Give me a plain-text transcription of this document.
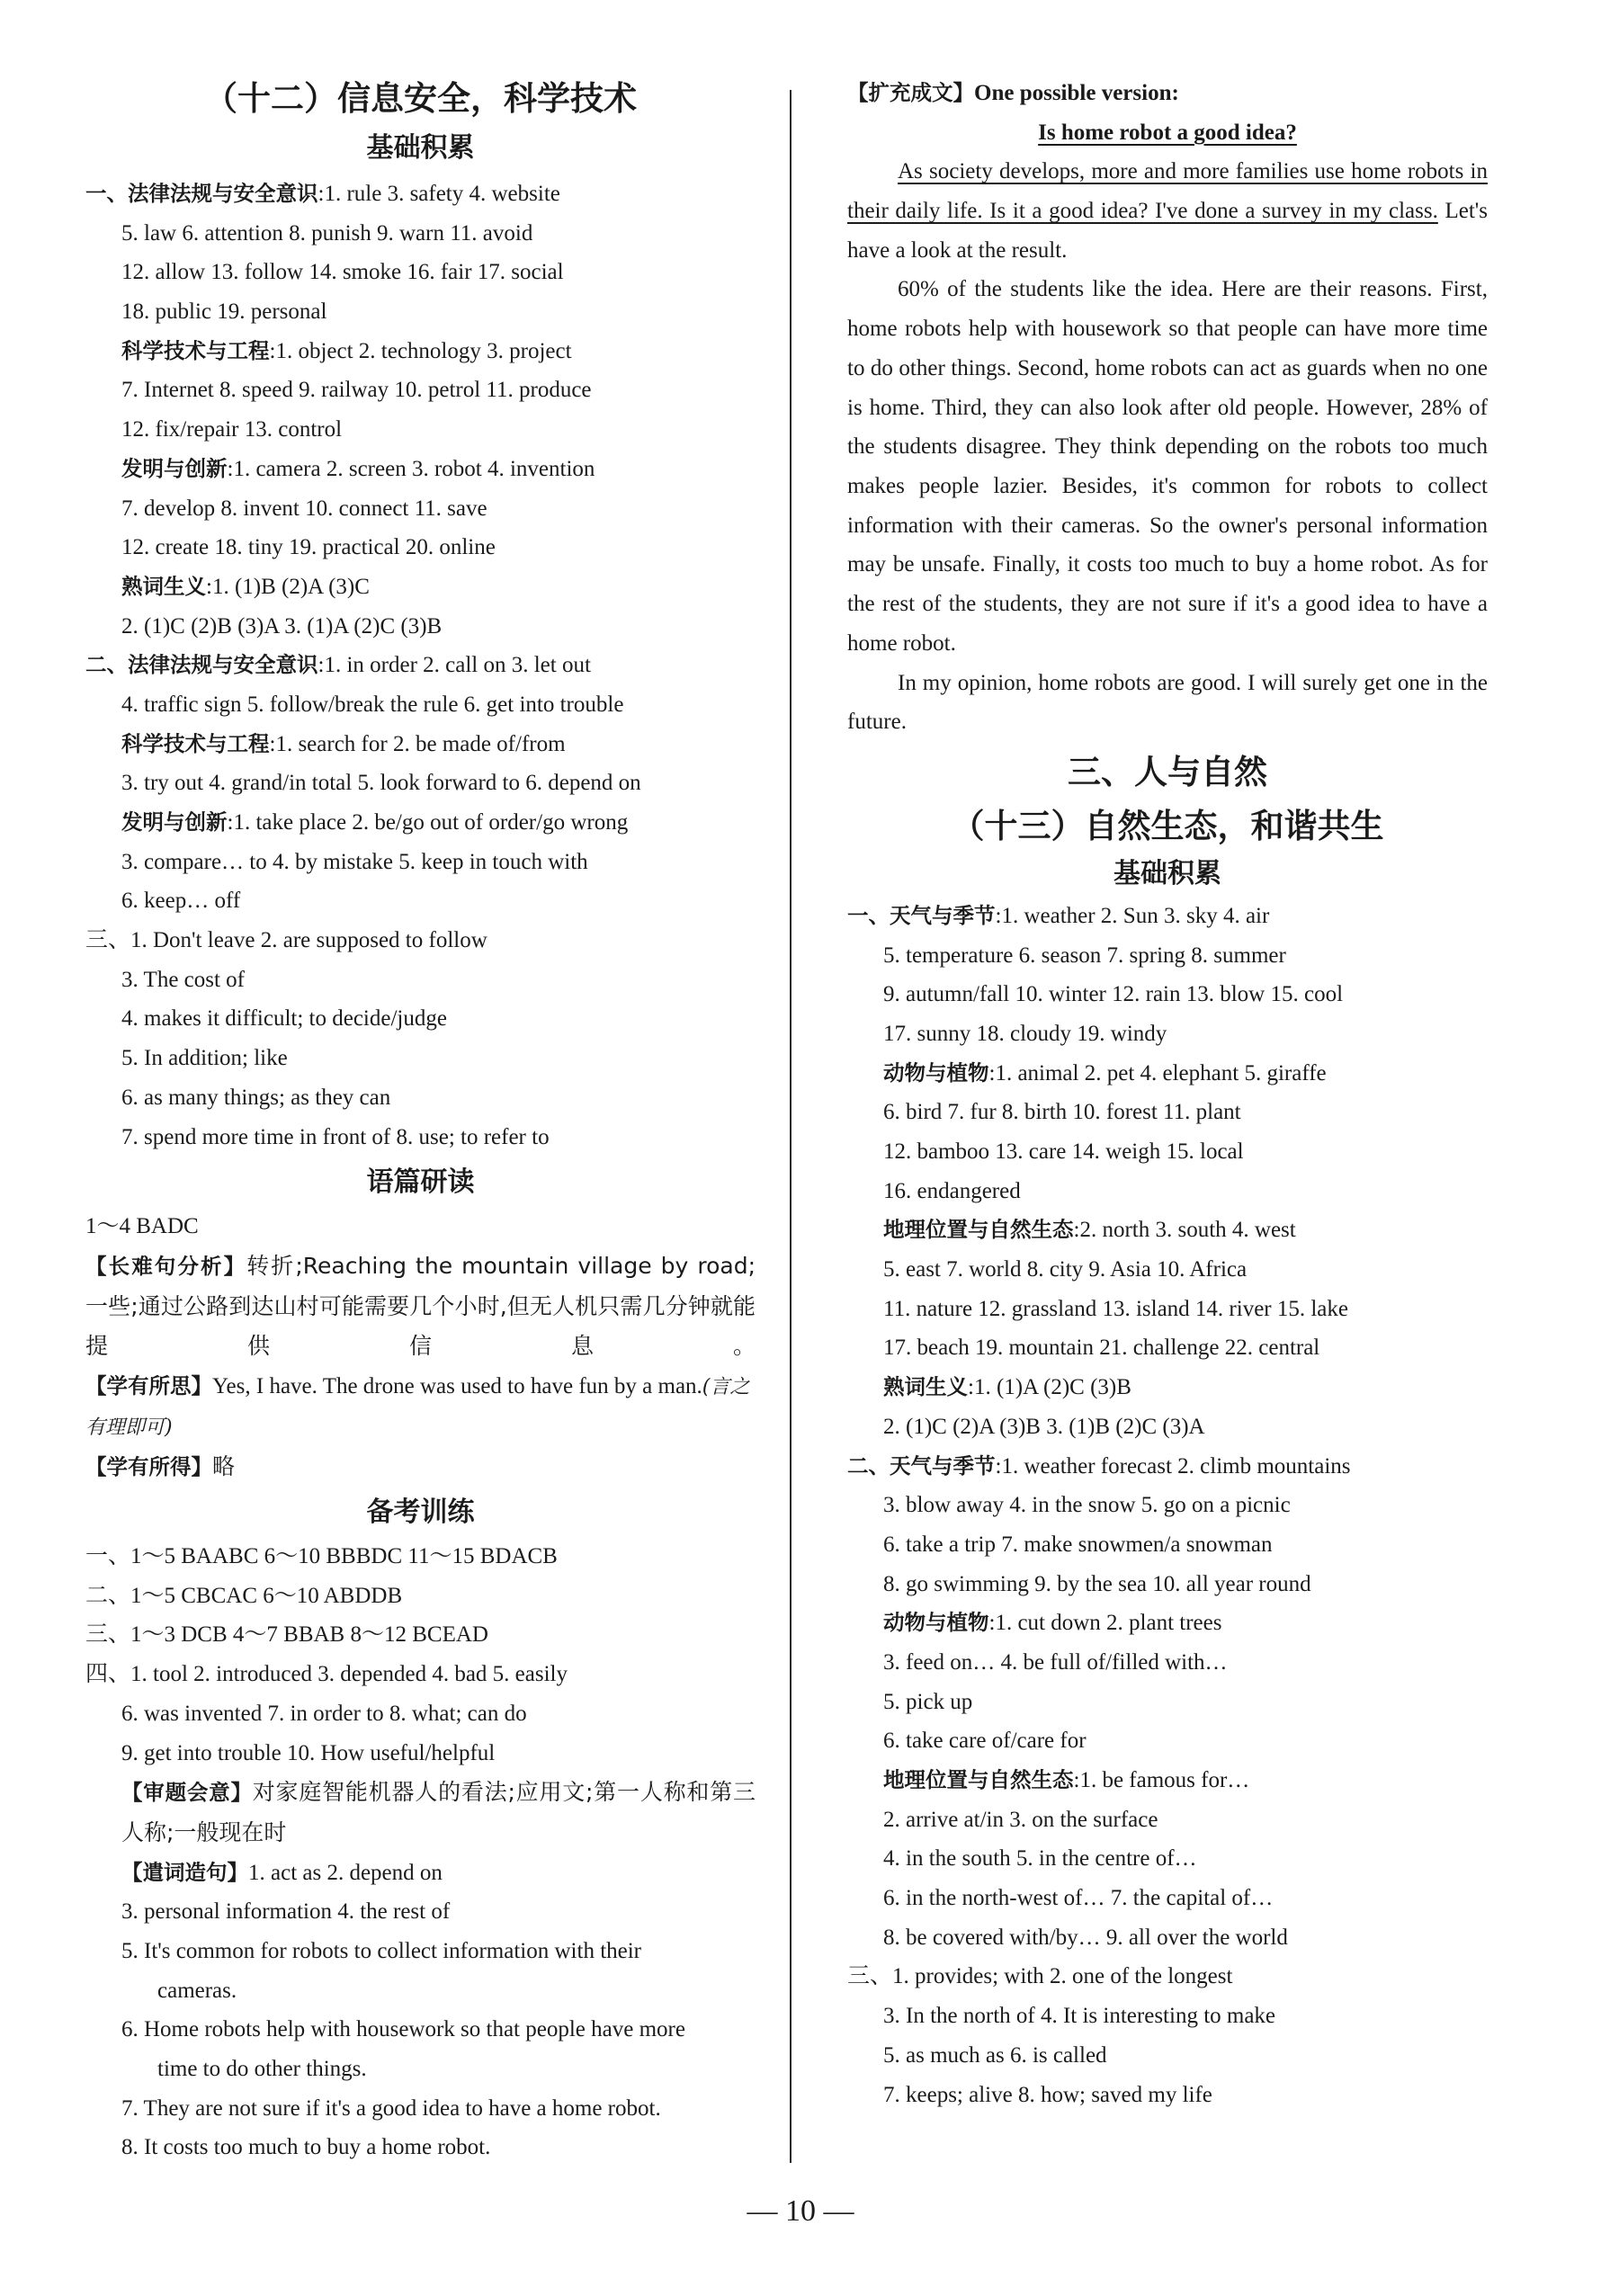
（十二）信息安全，科学技术
基础积累
一、法律法规与安全意识:1. rule 3. safety 4. website
5. law 6. attention 8. punish 9. warn 11. avoid
12. allow 13. follow 14. smoke 16. fair 17. social
18. public 19. personal
科学技术与工程:1. object 2. technology 3. project
7. Internet 8. speed 9. railway 10. petrol 11. produce
12. fix/repair 13. control
发明与创新:1. camera 2. screen 3. robot 4. invention
7. develop 8. invent 10. connect 11. save
12. create 18. tiny 19. practical 20. online
熟词生义:1. (1)B (2)A (3)C
2. (1)C (2)B (3)A 3. (1)A (2)C (3)B
二、法律法规与安全意识:1. in order 2. call on 3. let out
4. traffic sign 5. follow/break the rule 6. get into trouble
科学技术与工程:1. search for 2. be made of/from
3. try out 4. grand/in total 5. look forward to 6. depend on
发明与创新:1. take place 2. be/go out of order/go wrong
3. compare… to 4. by mistake 5. keep in touch with
6. keep… off
三、1. Don't leave 2. are supposed to follow
3. The cost of
4. makes it difficult; to decide/judge
5. In addition; like
6. as many things; as they can
7. spend more time in front of 8. use; to refer to
语篇研读
1～4 BADC
【长难句分析】转折;Reaching the mountain village by road; 一些;通过公路到达山村可能需要几个小时,但无人机只需几分钟就能提供信息。
【学有所思】Yes, I have. The drone was used to have fun by a man.(言之有理即可)
【学有所得】略
备考训练
一、1～5 BAABC 6～10 BBBDC 11～15 BDACB
二、1～5 CBCAC 6～10 ABDDB
三、1～3 DCB 4～7 BBAB 8～12 BCEAD
四、1. tool 2. introduced 3. depended 4. bad 5. easily
6. was invented 7. in order to 8. what; can do
9. get into trouble 10. How useful/helpful
【审题会意】对家庭智能机器人的看法;应用文;第一人称和第三人称;一般现在时
【遣词造句】1. act as 2. depend on
3. personal information 4. the rest of
5. It's common for robots to collect information with their
cameras.
6. Home robots help with housework so that people have more
time to do other things.
7. They are not sure if it's a good idea to have a home robot.
8. It costs too much to buy a home robot.
【扩充成文】One possible version:
Is home robot a good idea?
As society develops, more and more families use home robots in their daily life. Is it a good idea? I've done a survey in my class. Let's have a look at the result.
60% of the students like the idea. Here are their reasons. First, home robots help with housework so that people can have more time to do other things. Second, home robots can act as guards when no one is home. Third, they can also look after old people. However, 28% of the students disagree. They think depending on the robots too much makes people lazier. Besides, it's common for robots to collect information with their cameras. So the owner's personal information may be unsafe. Finally, it costs too much to buy a home robot. As for the rest of the students, they are not sure if it's a good idea to have a home robot.
In my opinion, home robots are good. I will surely get one in the future.
三、人与自然
（十三）自然生态，和谐共生
基础积累
一、天气与季节:1. weather 2. Sun 3. sky 4. air
5. temperature 6. season 7. spring 8. summer
9. autumn/fall 10. winter 12. rain 13. blow 15. cool
17. sunny 18. cloudy 19. windy
动物与植物:1. animal 2. pet 4. elephant 5. giraffe
6. bird 7. fur 8. birth 10. forest 11. plant
12. bamboo 13. care 14. weigh 15. local
16. endangered
地理位置与自然生态:2. north 3. south 4. west
5. east 7. world 8. city 9. Asia 10. Africa
11. nature 12. grassland 13. island 14. river 15. lake
17. beach 19. mountain 21. challenge 22. central
熟词生义:1. (1)A (2)C (3)B
2. (1)C (2)A (3)B 3. (1)B (2)C (3)A
二、天气与季节:1. weather forecast 2. climb mountains
3. blow away 4. in the snow 5. go on a picnic
6. take a trip 7. make snowmen/a snowman
8. go swimming 9. by the sea 10. all year round
动物与植物:1. cut down 2. plant trees
3. feed on… 4. be full of/filled with…
5. pick up
6. take care of/care for
地理位置与自然生态:1. be famous for…
2. arrive at/in 3. on the surface
4. in the south 5. in the centre of…
6. in the north-west of… 7. the capital of…
8. be covered with/by… 9. all over the world
三、1. provides; with 2. one of the longest
3. In the north of 4. It is interesting to make
5. as much as 6. is called
7. keeps; alive 8. how; saved my life
— 10 —
